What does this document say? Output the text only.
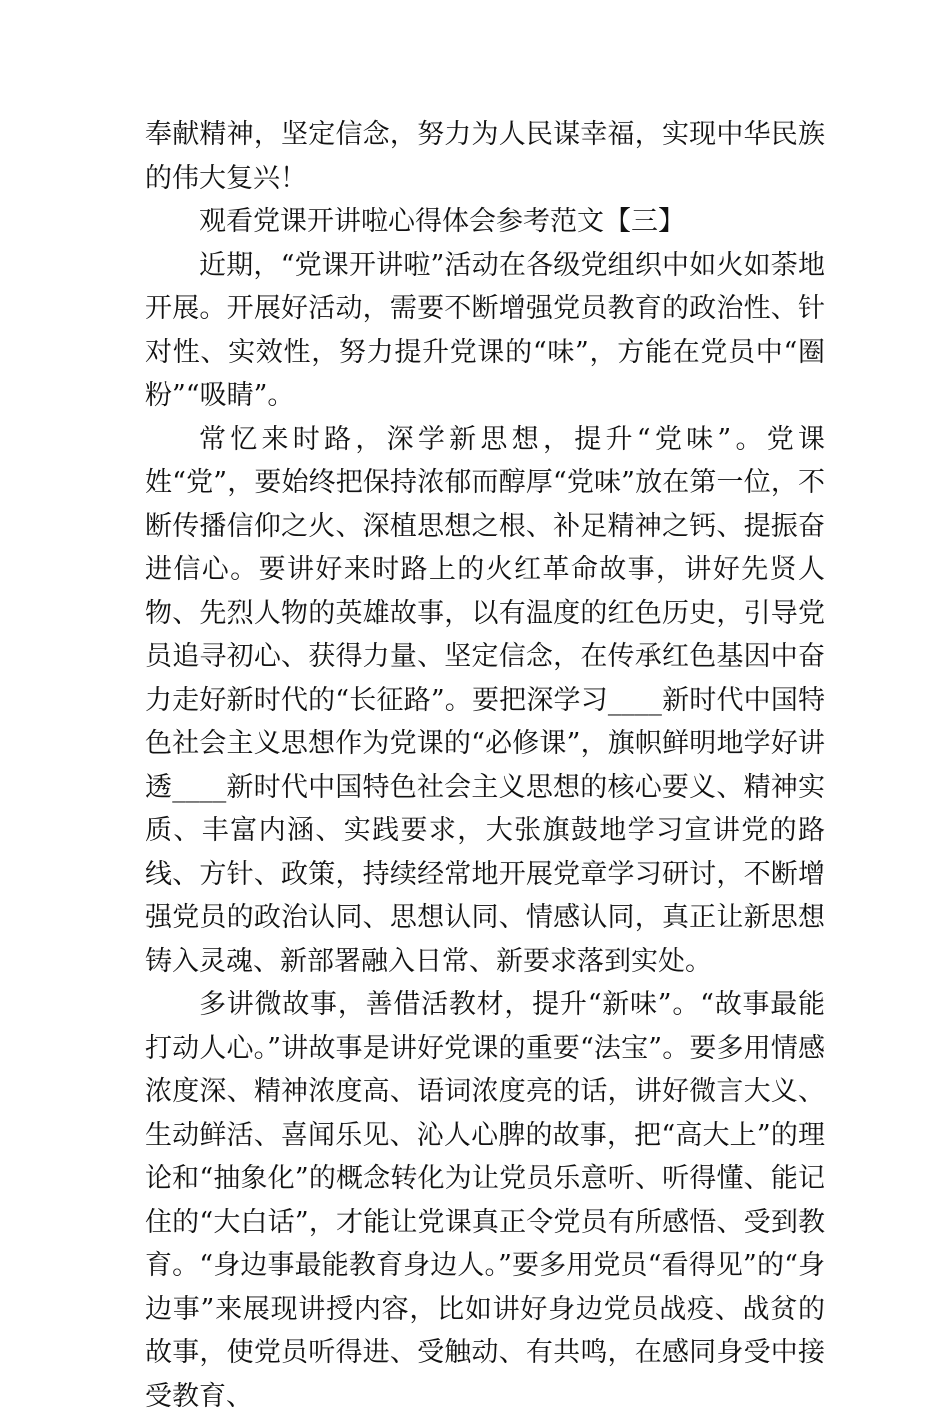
奉献精神，坚定信念，努力为人民谋幸福，实现中华民族的伟大复兴！

观看党课开讲啦心得体会参考范文【三】

近期，“党课开讲啦”活动在各级党组织中如火如荼地开展。开展好活动，需要不断增强党员教育的政治性、针对性、实效性，努力提升党课的“味”，方能在党员中“圈粉”“吸睛”。

常忆来时路，深学新思想，提升“党味”。党课姓“党”，要始终把保持浓郁而醇厚“党味”放在第一位，不断传播信仰之火、深植思想之根、补足精神之钙、提振奋进信心。要讲好来时路上的火红革命故事，讲好先贤人物、先烈人物的英雄故事，以有温度的红色历史，引导党员追寻初心、获得力量、坚定信念，在传承红色基因中奋力走好新时代的“长征路”。要把深学习____新时代中国特色社会主义思想作为党课的“必修课”，旗帜鲜明地学好讲透____新时代中国特色社会主义思想的核心要义、精神实质、丰富内涵、实践要求，大张旗鼓地学习宣讲党的路线、方针、政策，持续经常地开展党章学习研讨，不断增强党员的政治认同、思想认同、情感认同，真正让新思想铸入灵魂、新部署融入日常、新要求落到实处。

多讲微故事，善借活教材，提升“新味”。“故事最能打动人心。”讲故事是讲好党课的重要“法宝”。要多用情感浓度深、精神浓度高、语词浓度亮的话，讲好微言大义、生动鲜活、喜闻乐见、沁人心脾的故事，把“高大上”的理论和“抽象化”的概念转化为让党员乐意听、听得懂、能记住的“大白话”，才能让党课真正令党员有所感悟、受到教育。“身边事最能教育身边人。”要多用党员“看得见”的“身边事”来展现讲授内容，比如讲好身边党员战疫、战贫的故事，使党员听得进、受触动、有共鸣，在感同身受中接受教育、
